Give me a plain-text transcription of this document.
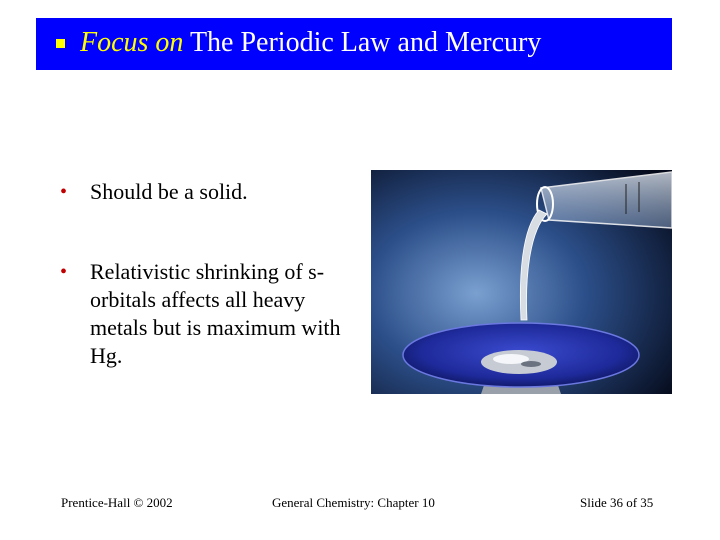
Focus on The Periodic Law and Mercury
• Should be a solid.
• Relativistic shrinking of s-orbitals affects all heavy metals but is maximum with Hg.
Prentice-Hall © 2002	General Chemistry: Chapter 10	Slide 36 of 35
